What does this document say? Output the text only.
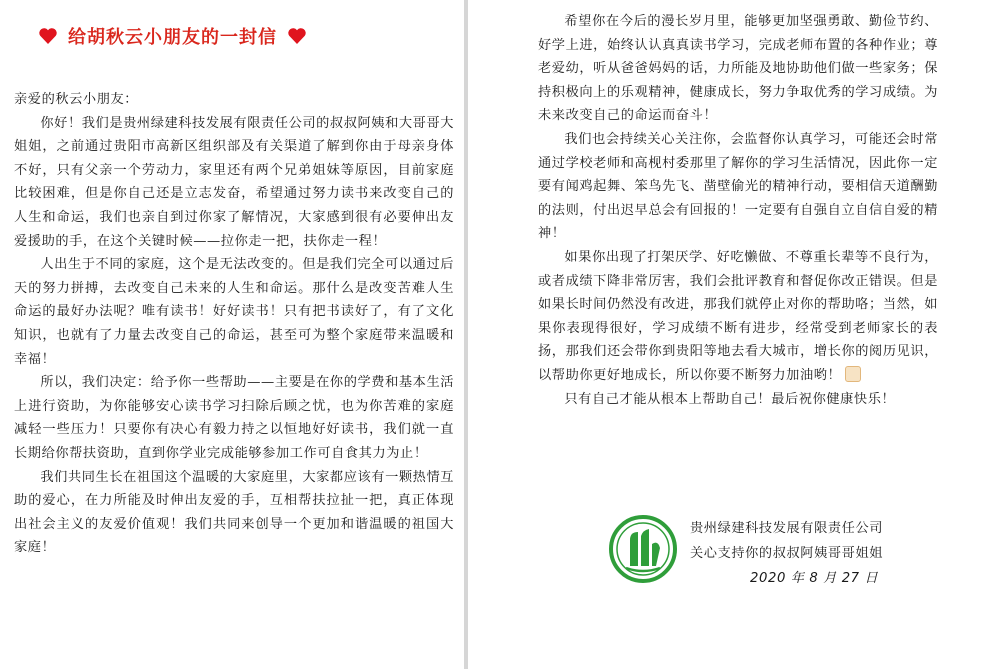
给胡秋云小朋友的一封信

亲爱的秋云小朋友：

你好！我们是贵州绿建科技发展有限责任公司的叔叔阿姨和大哥哥大姐姐，之前通过贵阳市高新区组织部及有关渠道了解到你由于母亲身体不好，只有父亲一个劳动力，家里还有两个兄弟姐妹等原因，目前家庭比较困难，但是你自己还是立志发奋，希望通过努力读书来改变自己的人生和命运，我们也亲自到过你家了解情况，大家感到很有必要伸出友爱援助的手，在这个关键时候——拉你走一把，扶你走一程！

人出生于不同的家庭，这个是无法改变的。但是我们完全可以通过后天的努力拼搏，去改变自己未来的人生和命运。那什么是改变苦难人生命运的最好办法呢？唯有读书！好好读书！只有把书读好了，有了文化知识，也就有了力量去改变自己的命运，甚至可为整个家庭带来温暖和幸福！

所以，我们决定：给予你一些帮助——主要是在你的学费和基本生活上进行资助，为你能够安心读书学习扫除后顾之忧，也为你苦难的家庭减轻一些压力！只要你有决心有毅力持之以恒地好好读书，我们就一直长期给你帮扶资助，直到你学业完成能够参加工作可自食其力为止！

我们共同生长在祖国这个温暖的大家庭里，大家都应该有一颗热情互助的爱心，在力所能及时伸出友爱的手，互相帮扶拉扯一把，真正体现出社会主义的友爱价值观！我们共同来创导一个更加和谐温暖的祖国大家庭！

希望你在今后的漫长岁月里，能够更加坚强勇敢、勤俭节约、好学上进，始终认认真真读书学习，完成老师布置的各种作业；尊老爱幼，听从爸爸妈妈的话，力所能及地协助他们做一些家务；保持积极向上的乐观精神，健康成长，努力争取优秀的学习成绩。为未来改变自己的命运而奋斗！

我们也会持续关心关注你，会监督你认真学习，可能还会时常通过学校老师和高枧村委那里了解你的学习生活情况，因此你一定要有闻鸡起舞、笨鸟先飞、凿壁偷光的精神行动，要相信天道酬勤的法则，付出迟早总会有回报的！一定要有自强自立自信自爱的精神！

如果你出现了打架厌学、好吃懒做、不尊重长辈等不良行为，或者成绩下降非常厉害，我们会批评教育和督促你改正错误。但是如果长时间仍然没有改进，那我们就停止对你的帮助咯；当然，如果你表现得很好，学习成绩不断有进步，经常受到老师家长的表扬，那我们还会带你到贵阳等地去看大城市，增长你的阅历见识，以帮助你更好地成长，所以你要不断努力加油哟！

只有自己才能从根本上帮助自己！最后祝你健康快乐！

贵州绿建科技发展有限责任公司
关心支持你的叔叔阿姨哥哥姐姐
2020 年 8 月 27 日
